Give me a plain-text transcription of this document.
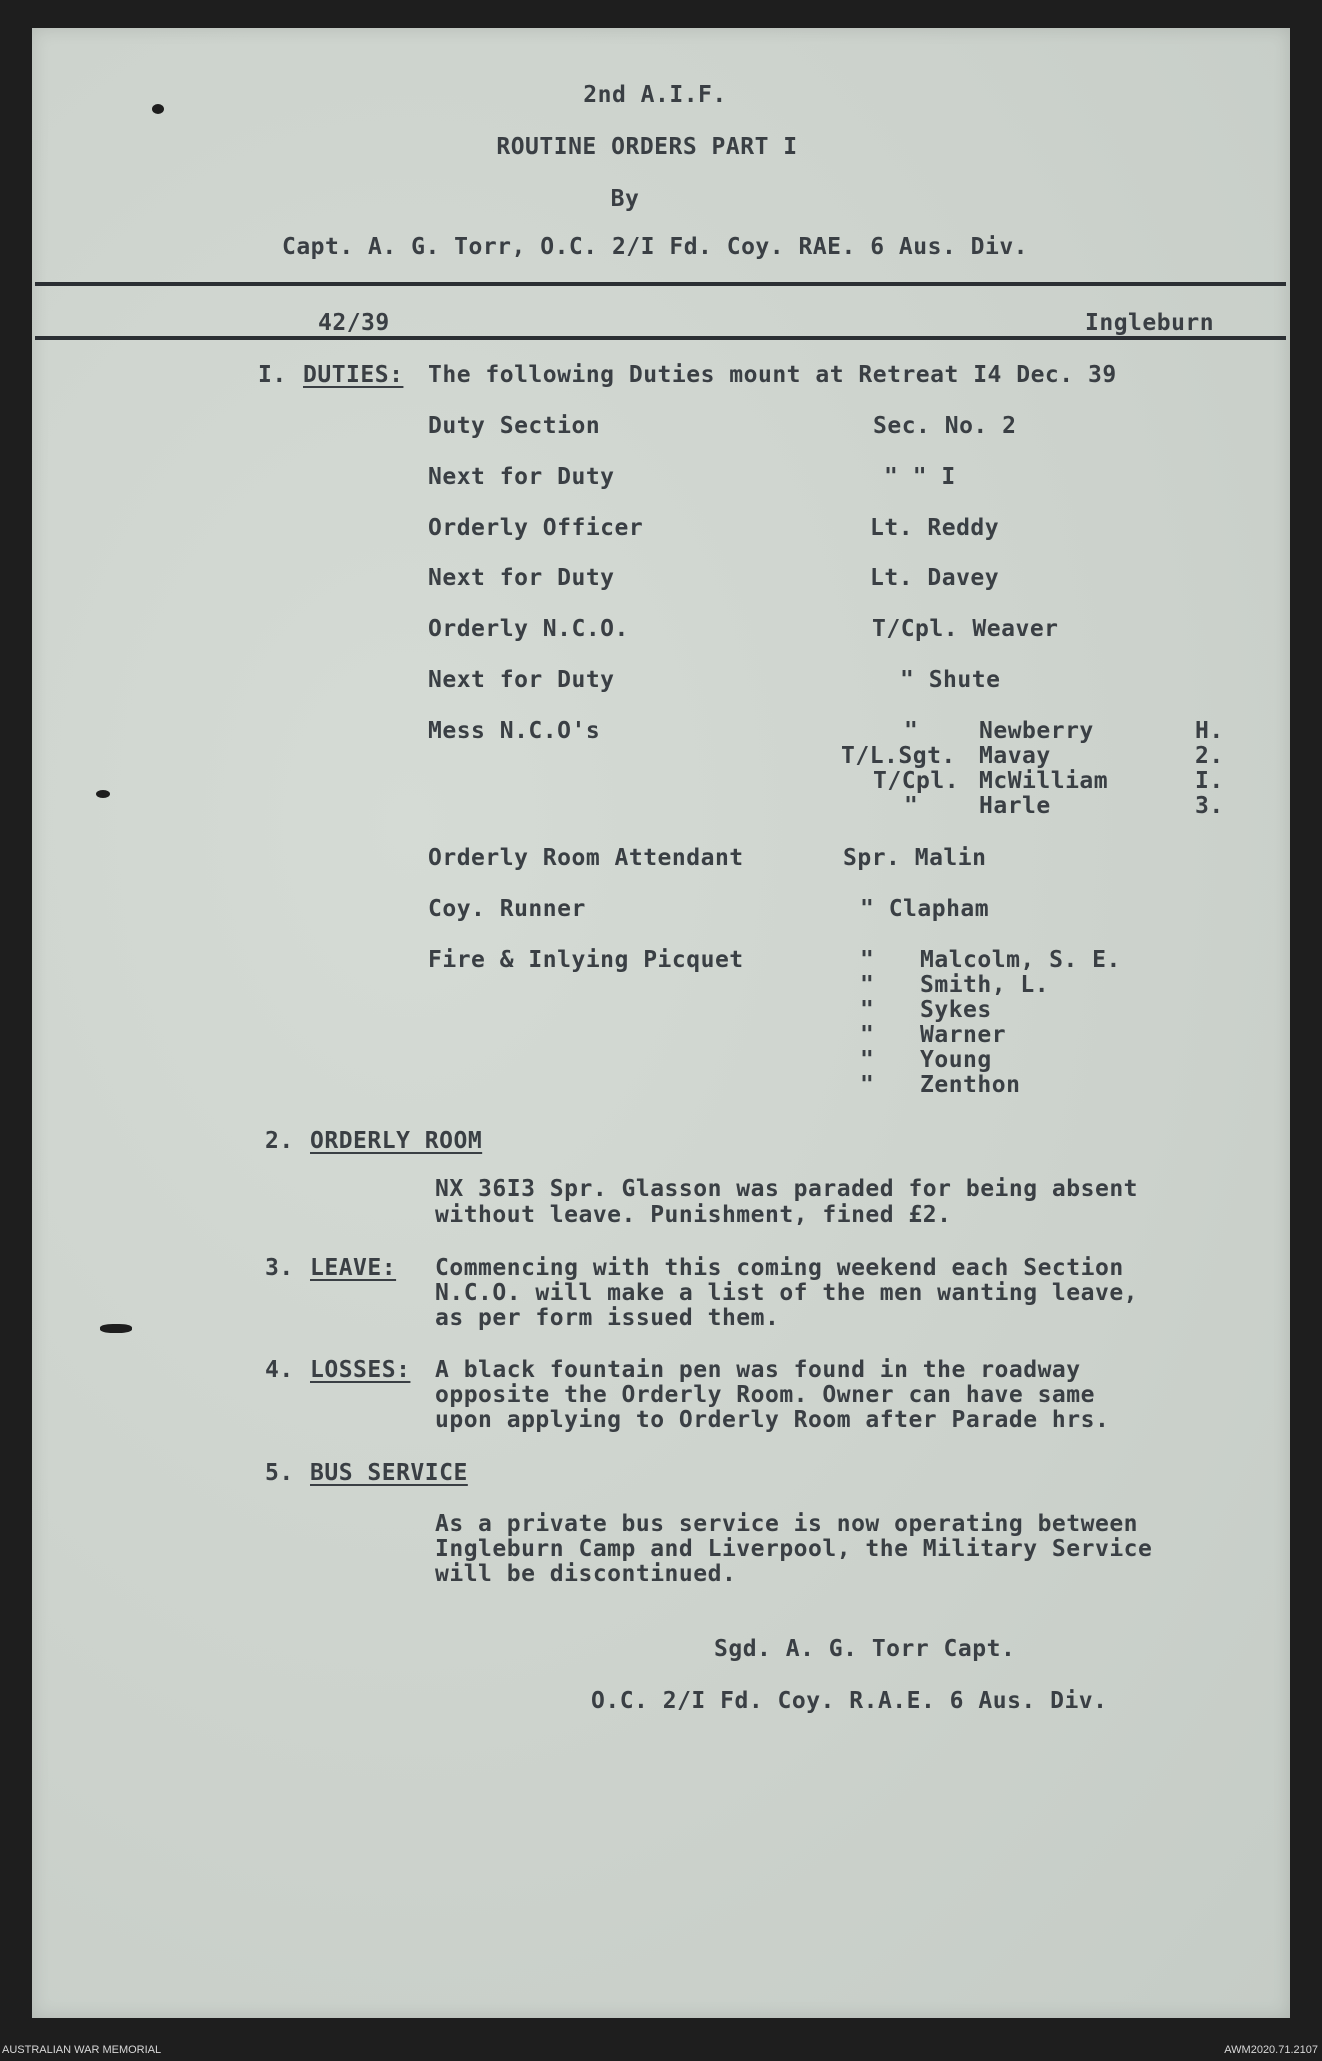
2nd A.I.F.
ROUTINE ORDERS PART I
By
Capt. A. G. Torr, O.C. 2/I Fd. Coy. RAE. 6 Aus. Div.
42/39	Ingleburn
I. DUTIES: The following Duties mount at Retreat I4 Dec. 39
Duty Section	Sec. No. 2
Next for Duty	" " I
Orderly Officer	Lt. Reddy
Next for Duty	Lt. Davey
Orderly N.C.O.	T/Cpl. Weaver
Next for Duty	" Shute
Mess N.C.O's	"	Newberry	H.
T/L.Sgt. Mavay	2.
T/Cpl. McWilliam	I.
"	Harle	3.
Orderly Room Attendant	Spr. Malin
Coy. Runner	" Clapham
Fire & Inlying Picquet	" Malcolm, S. E.
" Smith, L.
" Sykes
" Warner
" Young
" Zenthon
2. ORDERLY ROOM
NX 36I3 Spr. Glasson was paraded for being absent
without leave. Punishment, fined £2.
3. LEAVE: Commencing with this coming weekend each Section
N.C.O. will make a list of the men wanting leave,
as per form issued them.
4. LOSSES: A black fountain pen was found in the roadway
opposite the Orderly Room. Owner can have same
upon applying to Orderly Room after Parade hrs.
5. BUS SERVICE
As a private bus service is now operating between
Ingleburn Camp and Liverpool, the Military Service
will be discontinued.
Sgd. A. G. Torr Capt.
O.C. 2/I Fd. Coy. R.A.E. 6 Aus. Div.
AUSTRALIAN WAR MEMORIAL	AWM2020.71.2107
